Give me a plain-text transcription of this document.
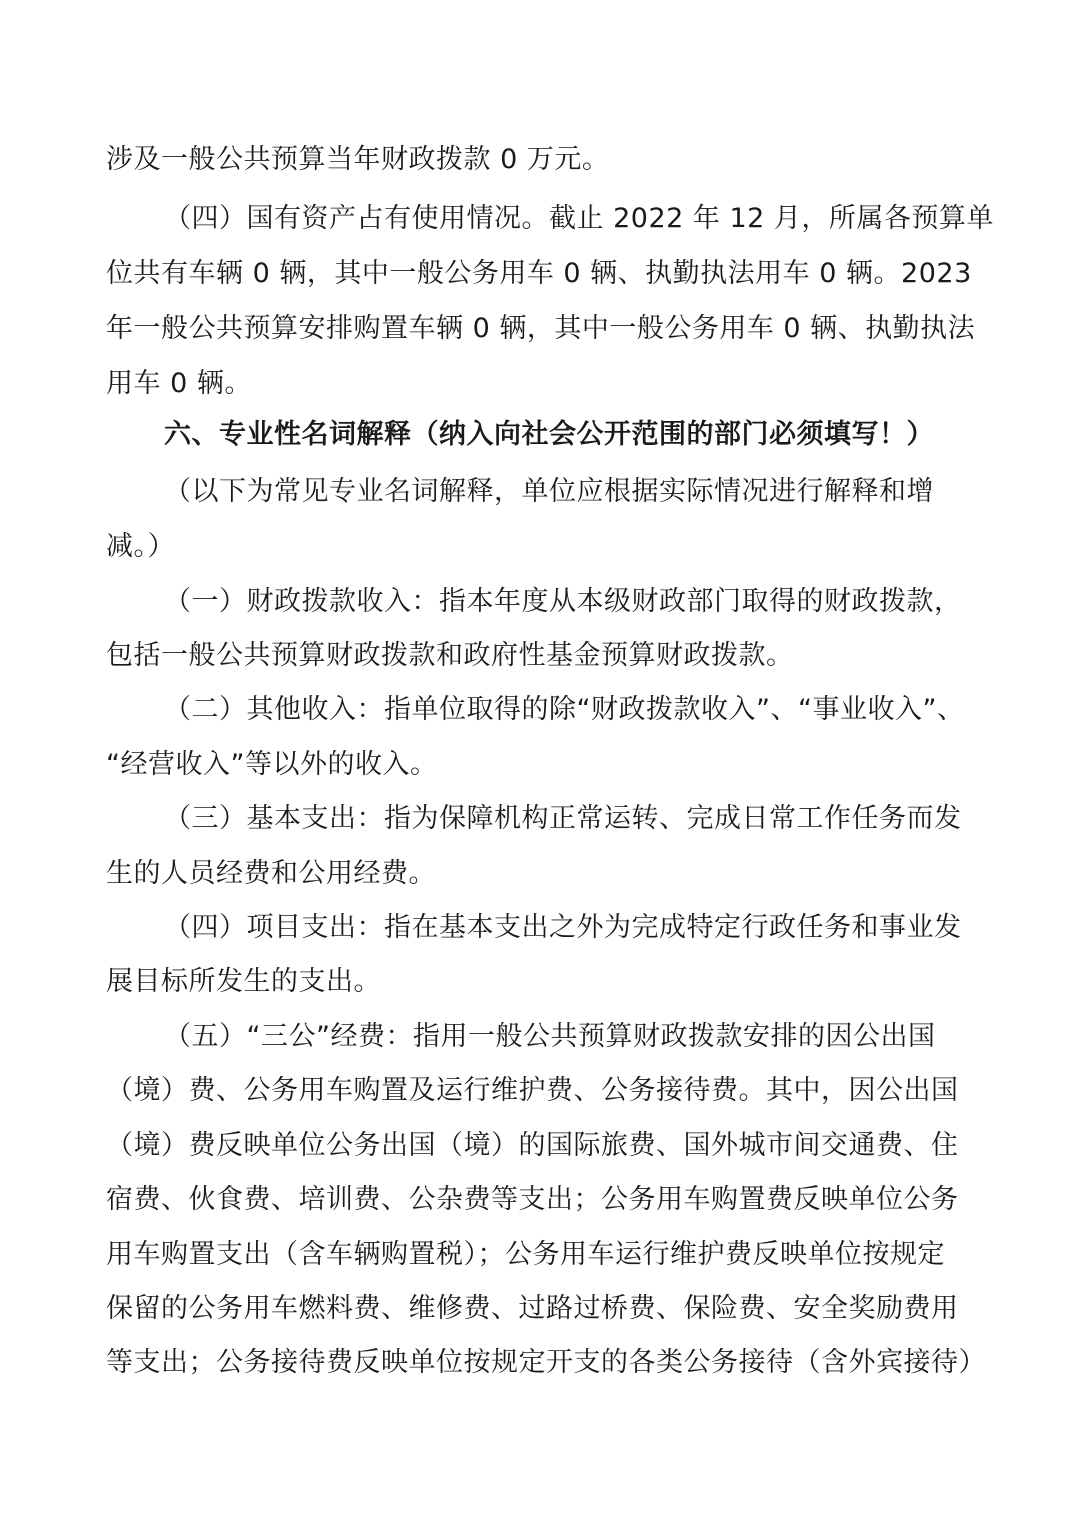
涉及一般公共预算当年财政拨款 0 万元。
（四）国有资产占有使用情况。截止 2022 年 12 月，所属各预算单
位共有车辆 0 辆，其中一般公务用车 0 辆、执勤执法用车 0 辆。2023
年一般公共预算安排购置车辆 0 辆，其中一般公务用车 0 辆、执勤执法
用车 0 辆。
六、专业性名词解释（纳入向社会公开范围的部门必须填写！）
（以下为常见专业名词解释，单位应根据实际情况进行解释和增
减。）
（一）财政拨款收入：指本年度从本级财政部门取得的财政拨款，
包括一般公共预算财政拨款和政府性基金预算财政拨款。
（二）其他收入：指单位取得的除“财政拨款收入”、“事业收入”、
“经营收入”等以外的收入。
（三）基本支出：指为保障机构正常运转、完成日常工作任务而发
生的人员经费和公用经费。
（四）项目支出：指在基本支出之外为完成特定行政任务和事业发
展目标所发生的支出。
（五）“三公”经费：指用一般公共预算财政拨款安排的因公出国
（境）费、公务用车购置及运行维护费、公务接待费。其中，因公出国
（境）费反映单位公务出国（境）的国际旅费、国外城市间交通费、住
宿费、伙食费、培训费、公杂费等支出；公务用车购置费反映单位公务
用车购置支出（含车辆购置税）；公务用车运行维护费反映单位按规定
保留的公务用车燃料费、维修费、过路过桥费、保险费、安全奖励费用
等支出；公务接待费反映单位按规定开支的各类公务接待（含外宾接待）
